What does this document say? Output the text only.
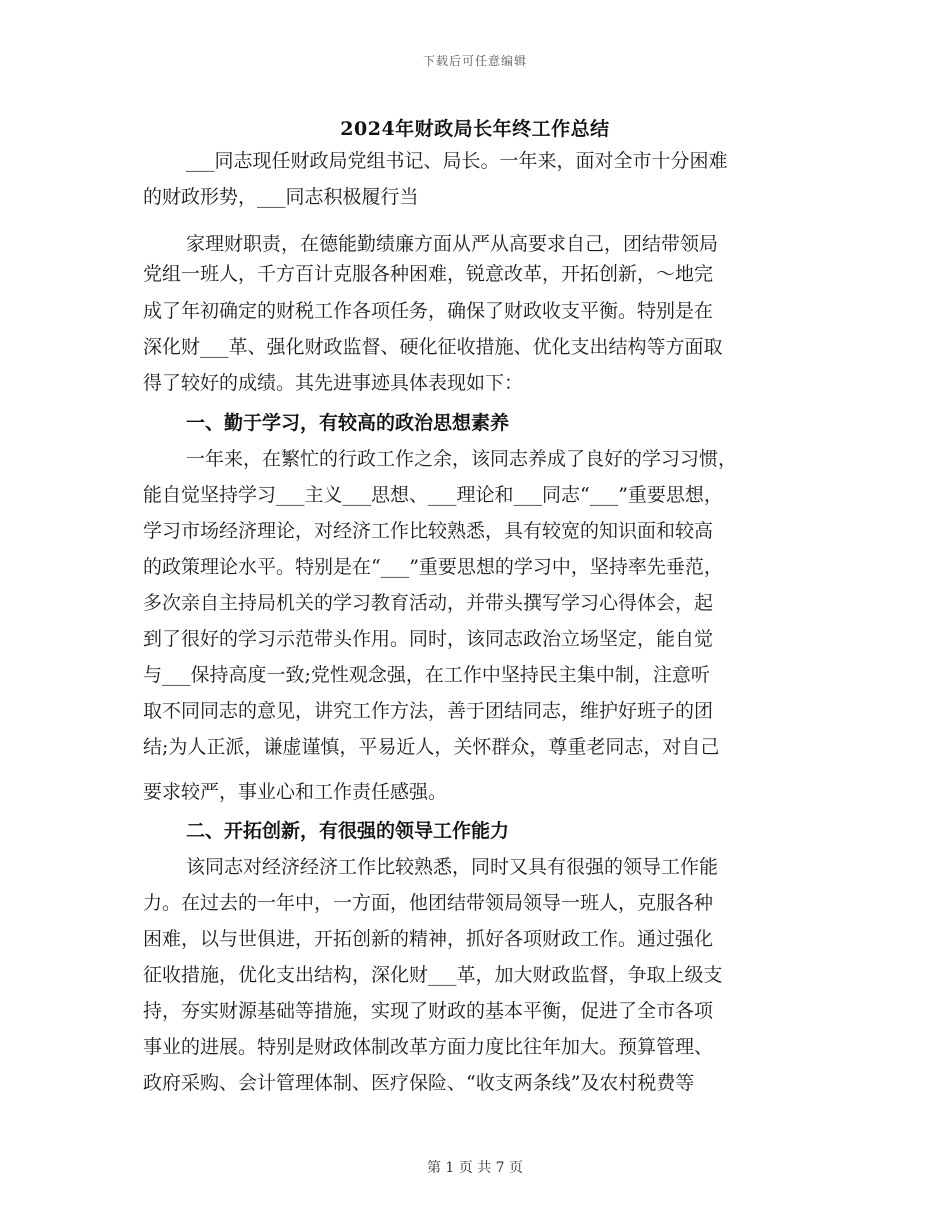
下载后可任意编辑
2024年财政局长年终工作总结
___同志现任财政局党组书记、局长。一年来，面对全市十分困难
的财政形势，___同志积极履行当
家理财职责，在德能勤绩廉方面从严从高要求自己，团结带领局
党组一班人，千方百计克服各种困难，锐意改革，开拓创新，～地完
成了年初确定的财税工作各项任务，确保了财政收支平衡。特别是在
深化财___革、强化财政监督、硬化征收措施、优化支出结构等方面取
得了较好的成绩。其先进事迹具体表现如下：
一、勤于学习，有较高的政治思想素养
一年来，在繁忙的行政工作之余，该同志养成了良好的学习习惯，
能自觉坚持学习___主义___思想、___理论和___同志“___”重要思想，
学习市场经济理论，对经济工作比较熟悉，具有较宽的知识面和较高
的政策理论水平。特别是在“___”重要思想的学习中，坚持率先垂范，
多次亲自主持局机关的学习教育活动，并带头撰写学习心得体会，起
到了很好的学习示范带头作用。同时，该同志政治立场坚定，能自觉
与___保持高度一致;党性观念强，在工作中坚持民主集中制，注意听
取不同同志的意见，讲究工作方法，善于团结同志，维护好班子的团
结;为人正派，谦虚谨慎，平易近人，关怀群众，尊重老同志，对自己
要求较严，事业心和工作责任感强。
二、开拓创新，有很强的领导工作能力
该同志对经济经济工作比较熟悉，同时又具有很强的领导工作能
力。在过去的一年中，一方面，他团结带领局领导一班人，克服各种
困难，以与世俱进，开拓创新的精神，抓好各项财政工作。通过强化
征收措施，优化支出结构，深化财___革，加大财政监督，争取上级支
持，夯实财源基础等措施，实现了财政的基本平衡，促进了全市各项
事业的进展。特别是财政体制改革方面力度比往年加大。预算管理、
政府采购、会计管理体制、医疗保险、“收支两条线”及农村税费等
第 1 页 共 7 页
